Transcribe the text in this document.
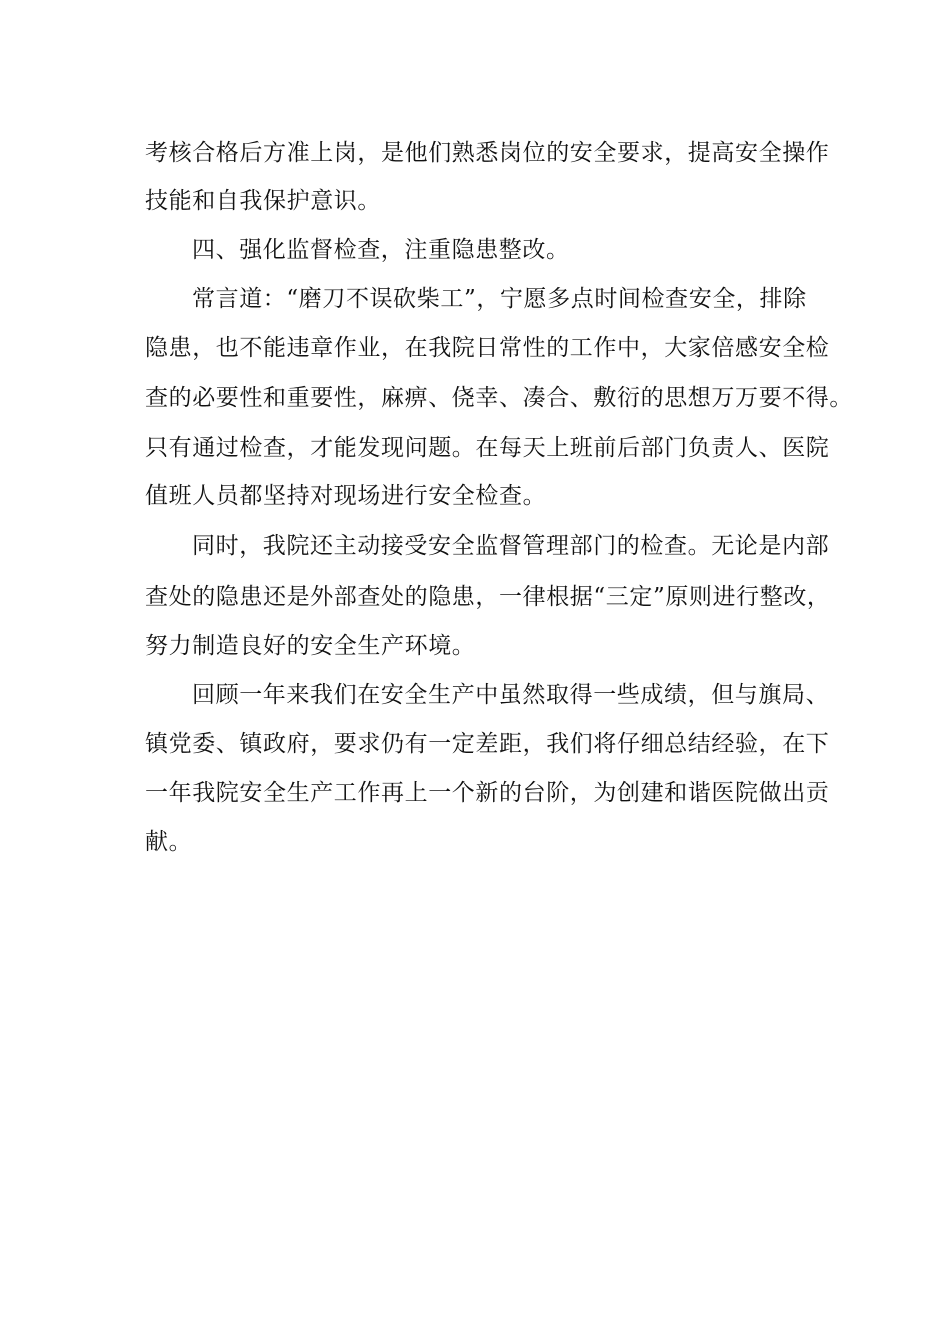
考核合格后方准上岗，是他们熟悉岗位的安全要求，提高安全操作
技能和自我保护意识。
四、强化监督检查，注重隐患整改。
常言道：“磨刀不误砍柴工”，宁愿多点时间检查安全，排除
隐患，也不能违章作业，在我院日常性的工作中，大家倍感安全检
查的必要性和重要性，麻痹、侥幸、凑合、敷衍的思想万万要不得。
只有通过检查，才能发现问题。在每天上班前后部门负责人、医院
值班人员都坚持对现场进行安全检查。
同时，我院还主动接受安全监督管理部门的检查。无论是内部
查处的隐患还是外部查处的隐患，一律根据“三定”原则进行整改，
努力制造良好的安全生产环境。
回顾一年来我们在安全生产中虽然取得一些成绩，但与旗局、
镇党委、镇政府，要求仍有一定差距，我们将仔细总结经验，在下
一年我院安全生产工作再上一个新的台阶，为创建和谐医院做出贡
献。
